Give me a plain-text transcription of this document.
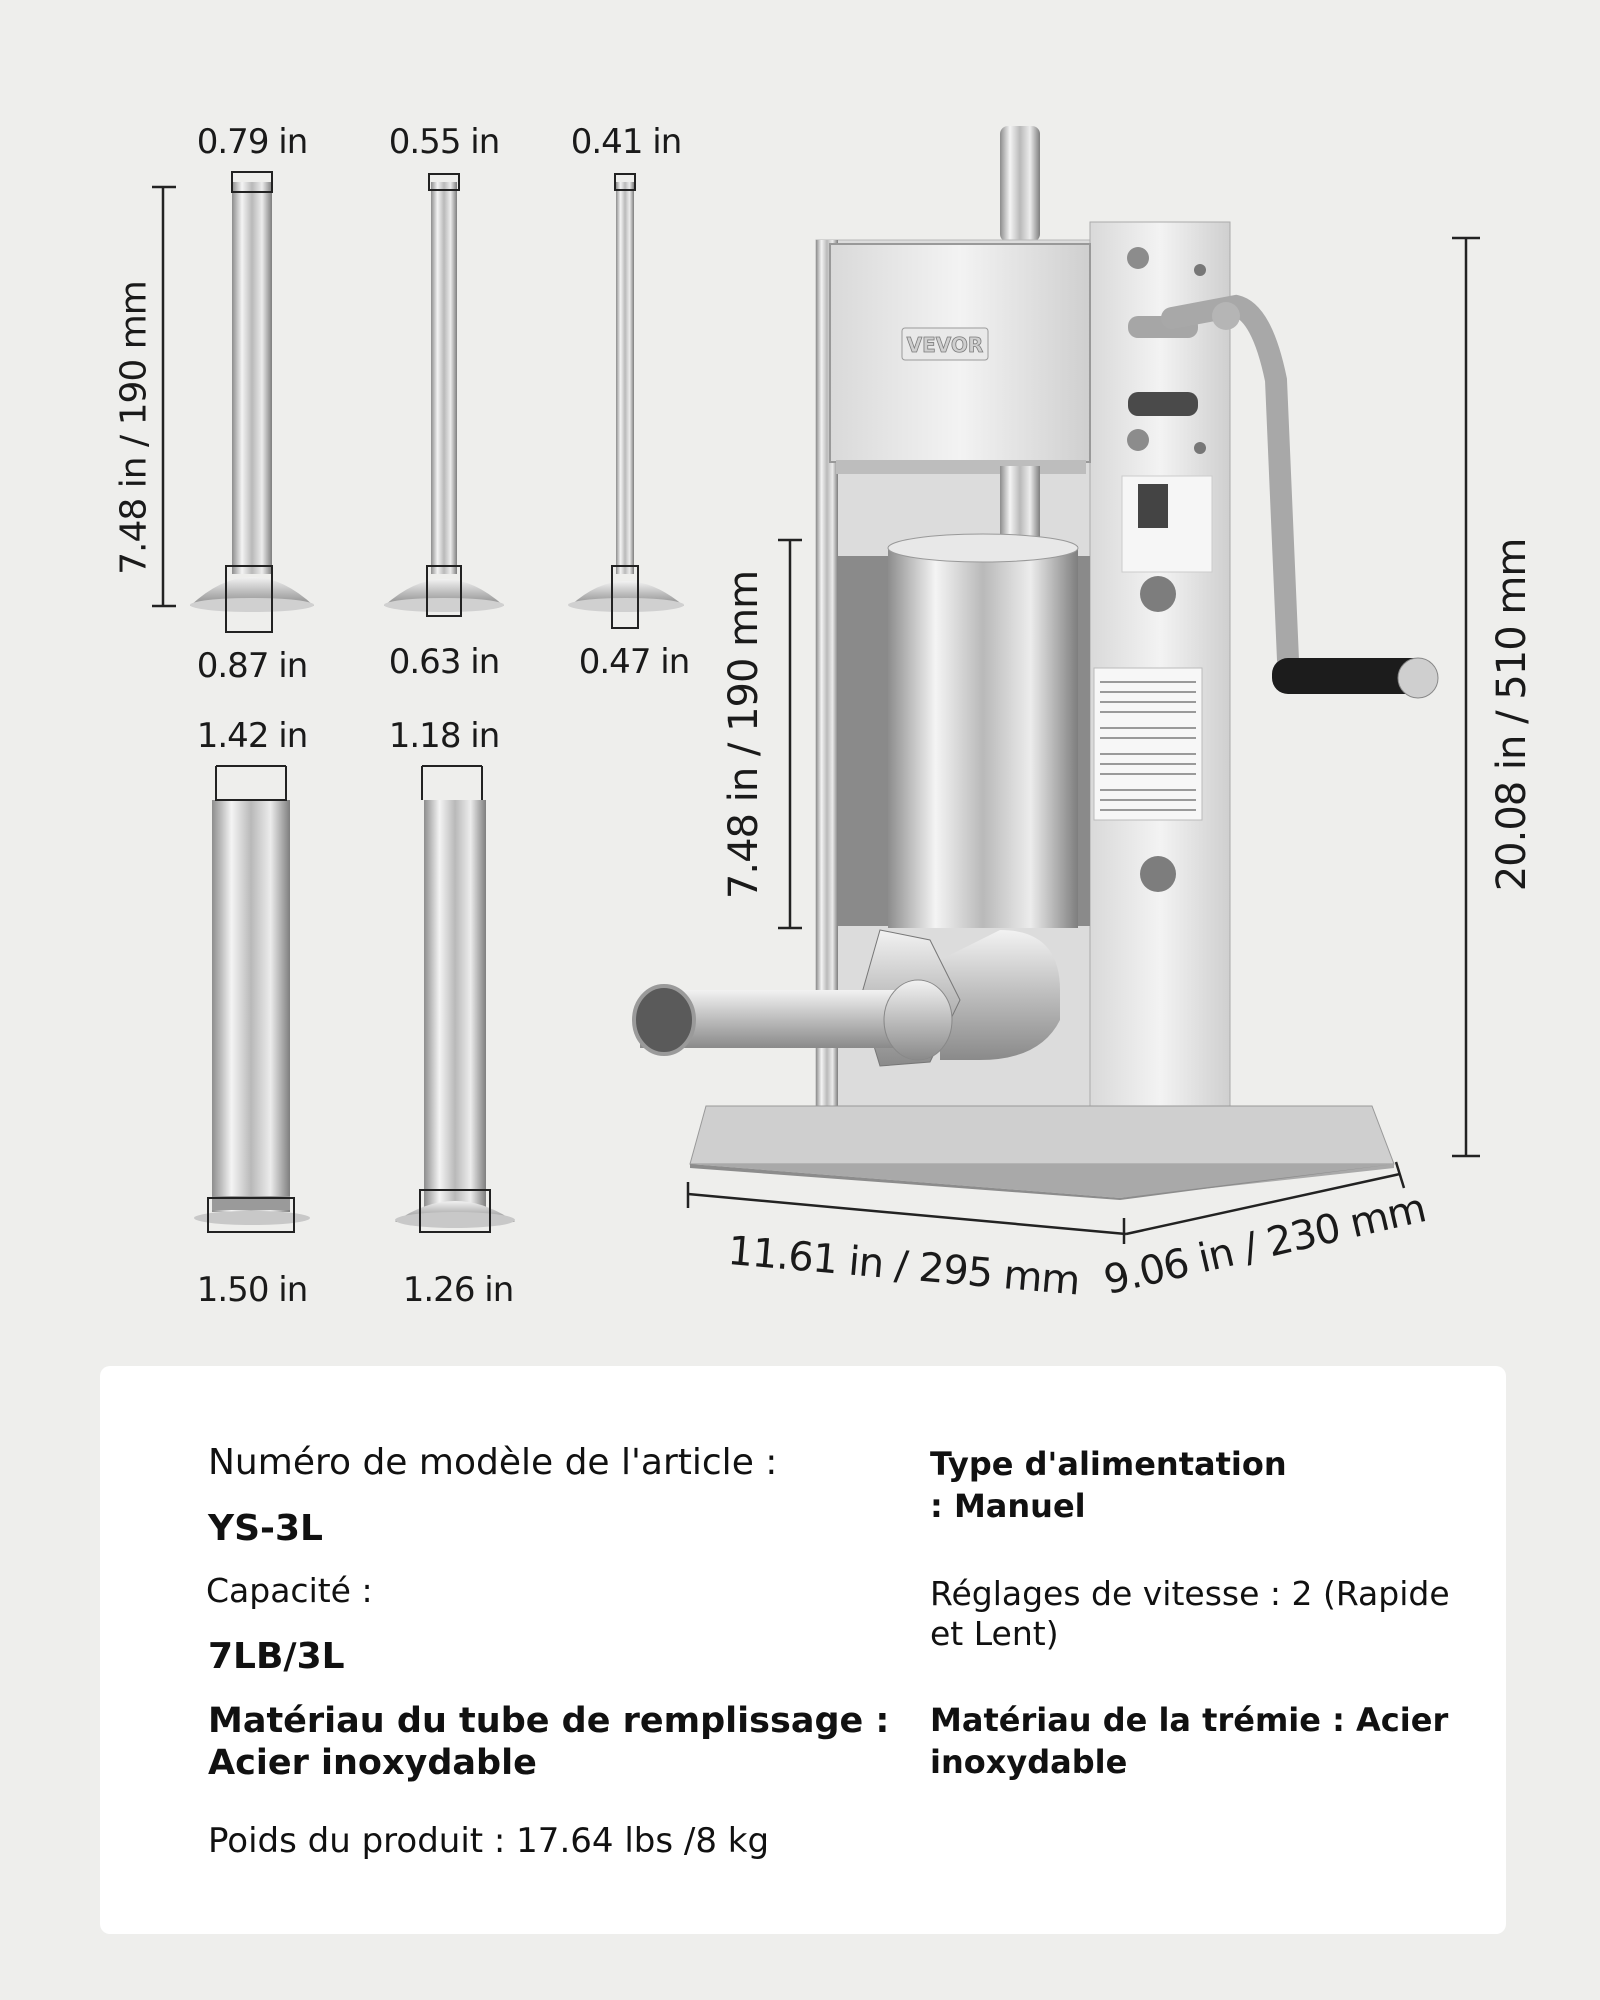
VEVOR
0.79 in 0.55 in 0.41 in
0.87 in 0.63 in 0.47 in
1.42 in 1.18 in
1.50 in	1.26 in
7.48 in / 190 mm
7.48 in / 190 mm	20.08 in / 510 mm
11.61 in / 295 mm 9.06 in / 230 mm
Numéro de modèle de l'article :
YS-3L
Capacité :
7LB/3L
Matériau du tube de remplissage :
Acier inoxydable
Poids du produit : 17.64 lbs /8 kg
Type d'alimentation
: Manuel
Réglages de vitesse : 2 (Rapide
et Lent)
Matériau de la trémie : Acier
inoxydable
